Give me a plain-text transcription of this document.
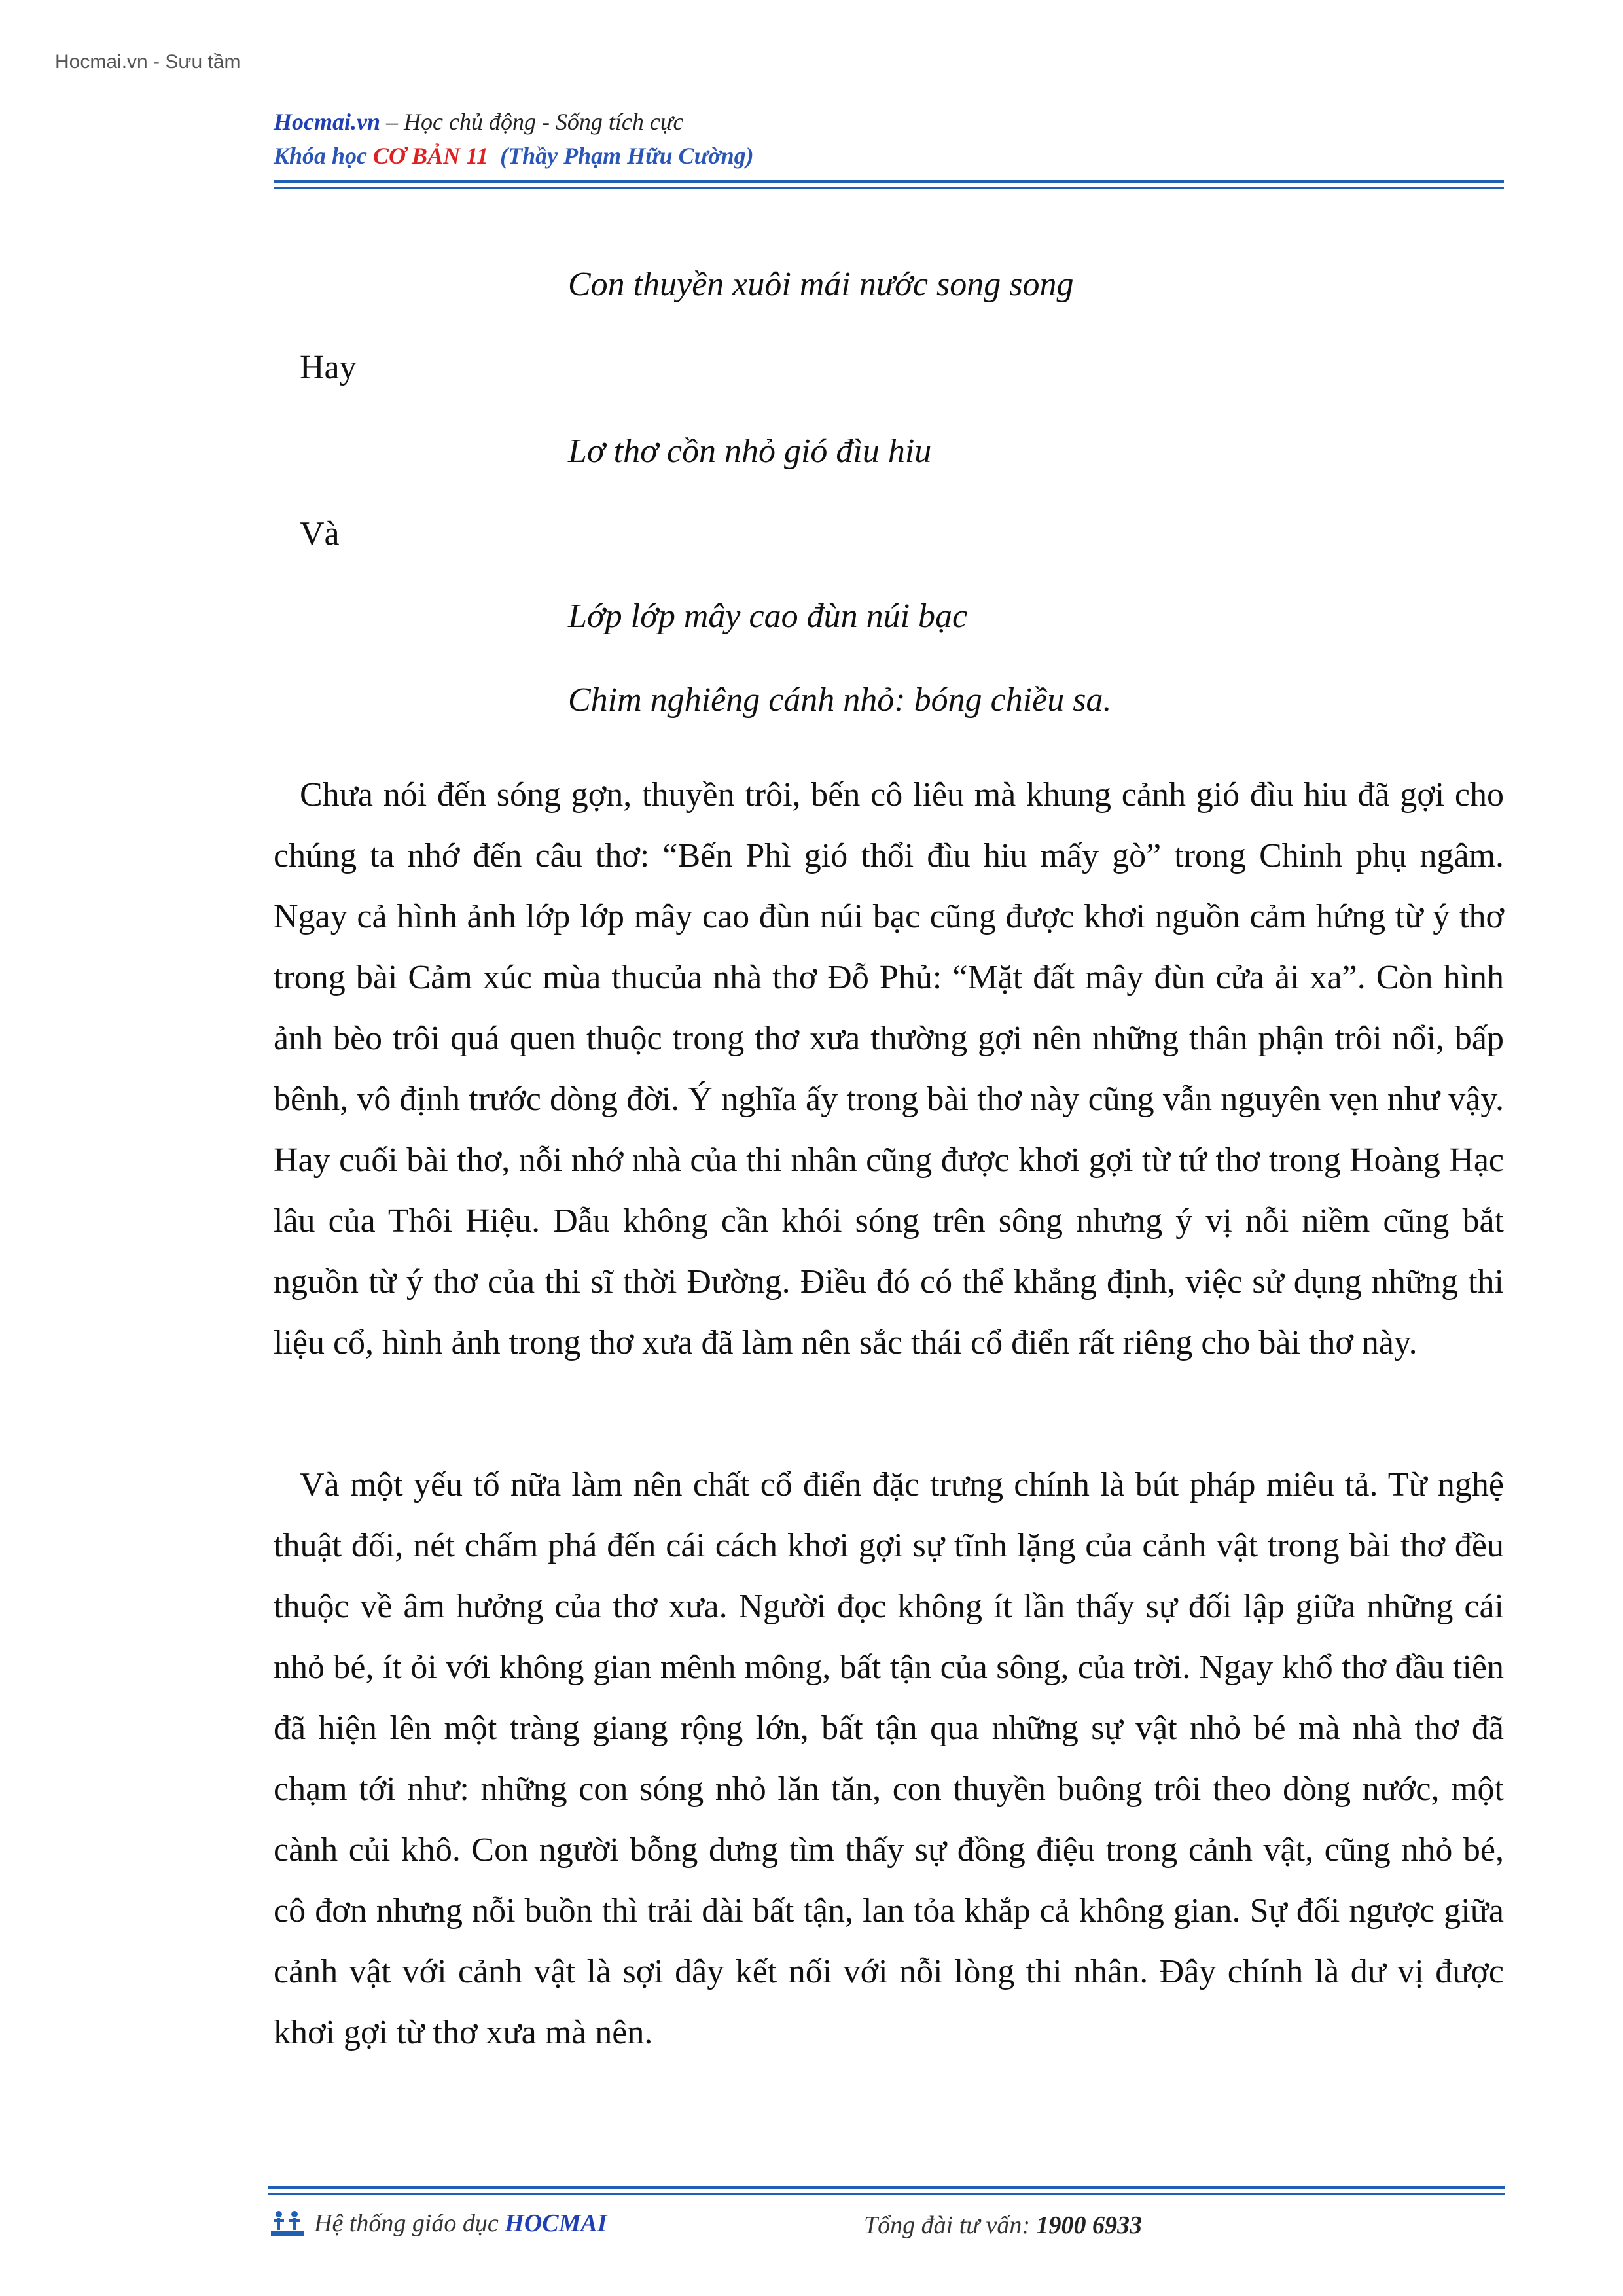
Hocmai.vn - Sưu tầm
Hocmai.vn – Học chủ động - Sống tích cực
Khóa học CƠ BẢN 11  (Thầy Phạm Hữu Cường)
Con thuyền xuôi mái nước song song
Hay
Lơ thơ cồn nhỏ gió đìu hiu
Và
Lớp lớp mây cao đùn núi bạc
Chim nghiêng cánh nhỏ: bóng chiều sa.
Chưa nói đến sóng gợn, thuyền trôi, bến cô liêu mà khung cảnh gió đìu hiu đã gợi cho chúng ta nhớ đến câu thơ: “Bến Phì gió thổi đìu hiu mấy gò” trong Chinh phụ ngâm. Ngay cả hình ảnh lớp lớp mây cao đùn núi bạc cũng được khơi nguồn cảm hứng từ ý thơ trong bài Cảm xúc mùa thucủa nhà thơ Đỗ Phủ: “Mặt đất mây đùn cửa ải xa”. Còn hình ảnh bèo trôi quá quen thuộc trong thơ xưa thường gợi nên những thân phận trôi nổi, bấp bênh, vô định trước dòng đời. Ý nghĩa ấy trong bài thơ này cũng vẫn nguyên vẹn như vậy. Hay cuối bài thơ, nỗi nhớ nhà của thi nhân cũng được khơi gợi từ tứ thơ trong Hoàng Hạc lâu của Thôi Hiệu. Dẫu không cần khói sóng trên sông nhưng ý vị nỗi niềm cũng bắt nguồn từ ý thơ của thi sĩ thời Đường. Điều đó có thể khẳng định, việc sử dụng những thi liệu cổ, hình ảnh trong thơ xưa đã làm nên sắc thái cổ điển rất riêng cho bài thơ này.
Và một yếu tố nữa làm nên chất cổ điển đặc trưng chính là bút pháp miêu tả. Từ nghệ thuật đối, nét chấm phá đến cái cách khơi gợi sự tĩnh lặng của cảnh vật trong bài thơ đều thuộc về âm hưởng của thơ xưa. Người đọc không ít lần thấy sự đối lập giữa những cái nhỏ bé, ít ỏi với không gian mênh mông, bất tận của sông, của trời. Ngay khổ thơ đầu tiên đã hiện lên một tràng giang rộng lớn, bất tận qua những sự vật nhỏ bé mà nhà thơ đã chạm tới như: những con sóng nhỏ lăn tăn, con thuyền buông trôi theo dòng nước, một cành củi khô. Con người bỗng dưng tìm thấy sự đồng điệu trong cảnh vật, cũng nhỏ bé, cô đơn nhưng nỗi buồn thì trải dài bất tận, lan tỏa khắp cả không gian. Sự đối ngược giữa cảnh vật với cảnh vật là sợi dây kết nối với nỗi lòng thi nhân. Đây chính là dư vị được khơi gợi từ thơ xưa mà nên.
Hệ thống giáo dục HOCMAI	Tổng đài tư vấn: 1900 6933
